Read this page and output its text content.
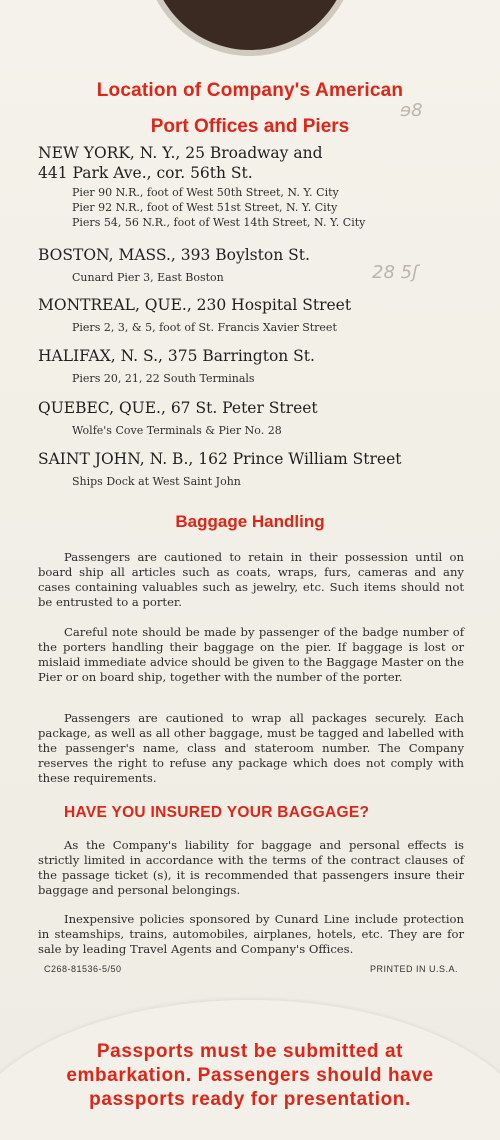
ɘ8
28 5ʃ
Location of Company's American
Port Offices and Piers
NEW YORK, N. Y., 25 Broadway and
441 Park Ave., cor. 56th St.
Pier 90 N.R., foot of West 50th Street, N. Y. City
Pier 92 N.R., foot of West 51st Street, N. Y. City
Piers 54, 56 N.R., foot of West 14th Street, N. Y. City
BOSTON, MASS., 393 Boylston St.
Cunard Pier 3, East Boston
MONTREAL, QUE., 230 Hospital Street
Piers 2, 3, & 5, foot of St. Francis Xavier Street
HALIFAX, N. S., 375 Barrington St.
Piers 20, 21, 22 South Terminals
QUEBEC, QUE., 67 St. Peter Street
Wolfe's Cove Terminals & Pier No. 28
SAINT JOHN, N. B., 162 Prince William Street
Ships Dock at West Saint John
Baggage Handling
Passengers are cautioned to retain in their possession until on board ship all articles such as coats, wraps, furs, cameras and any cases containing valuables such as jewelry, etc. Such items should not be entrusted to a porter.
Careful note should be made by passenger of the badge number of the porters handling their baggage on the pier. If baggage is lost or mislaid immediate advice should be given to the Baggage Master on the Pier or on board ship, together with the number of the porter.
Passengers are cautioned to wrap all packages securely. Each package, as well as all other baggage, must be tagged and labelled with the passenger's name, class and stateroom number. The Company reserves the right to refuse any package which does not comply with these requirements.
HAVE YOU INSURED YOUR BAGGAGE?
As the Company's liability for baggage and personal effects is strictly limited in accordance with the terms of the contract clauses of the passage ticket (s), it is recommended that passengers insure their baggage and personal belongings.
Inexpensive policies sponsored by Cunard Line include protection in steamships, trains, automobiles, airplanes, hotels, etc. They are for sale by leading Travel Agents and Company's Offices.
C268-81536-5/50	PRINTED IN U.S.A.
Passports must be submitted at
embarkation. Passengers should have
passports ready for presentation.
